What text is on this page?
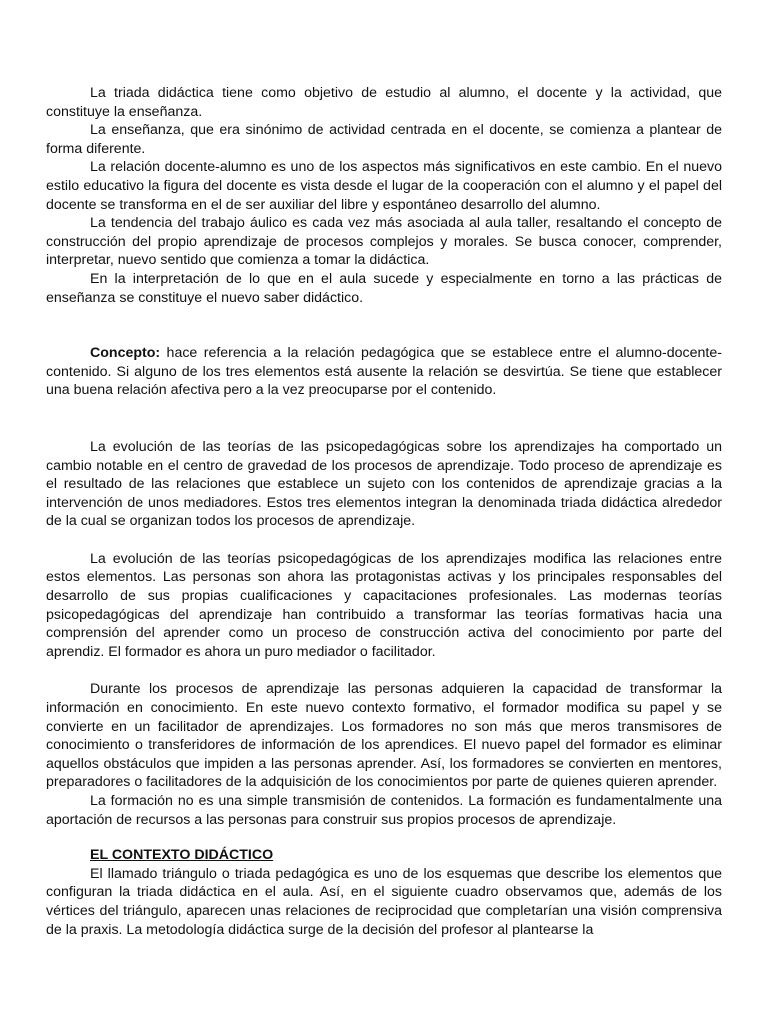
La triada didáctica tiene como objetivo de estudio al alumno, el docente y la actividad, que constituye la enseñanza.

La enseñanza, que era sinónimo de actividad centrada en el docente, se comienza a plantear de forma diferente.

La relación docente-alumno es uno de los aspectos más significativos en este cambio. En el nuevo estilo educativo la figura del docente es vista desde el lugar de la cooperación con el alumno y el papel del docente se transforma en el de ser auxiliar del libre y espontáneo desarrollo del alumno.

La tendencia del trabajo áulico es cada vez más asociada al aula taller, resaltando el concepto de construcción del propio aprendizaje de procesos complejos y morales. Se busca conocer, comprender, interpretar, nuevo sentido que comienza a tomar la didáctica.

En la interpretación de lo que en el aula sucede y especialmente en torno a las prácticas de enseñanza se constituye el nuevo saber didáctico.

Concepto: hace referencia a la relación pedagógica que se establece entre el alumno-docente-contenido. Si alguno de los tres elementos está ausente la relación se desvirtúa. Se tiene que establecer una buena relación afectiva pero a la vez preocuparse por el contenido.

La evolución de las teorías de las psicopedagógicas sobre los aprendizajes ha comportado un cambio notable en el centro de gravedad de los procesos de aprendizaje. Todo proceso de aprendizaje es el resultado de las relaciones que establece un sujeto con los contenidos de aprendizaje gracias a la intervención de unos mediadores. Estos tres elementos integran la denominada triada didáctica alrededor de la cual se organizan todos los procesos de aprendizaje.

La evolución de las teorías psicopedagógicas de los aprendizajes modifica las relaciones entre estos elementos. Las personas son ahora las protagonistas activas y los principales responsables del desarrollo de sus propias cualificaciones y capacitaciones profesionales. Las modernas teorías psicopedagógicas del aprendizaje han contribuido a transformar las teorías formativas hacia una comprensión del aprender como un proceso de construcción activa del conocimiento por parte del aprendiz. El formador es ahora un puro mediador o facilitador.

Durante los procesos de aprendizaje las personas adquieren la capacidad de transformar la información en conocimiento. En este nuevo contexto formativo, el formador modifica su papel y se convierte en un facilitador de aprendizajes. Los formadores no son más que meros transmisores de conocimiento o transferidores de información de los aprendices. El nuevo papel del formador es eliminar aquellos obstáculos que impiden a las personas aprender. Así, los formadores se convierten en mentores, preparadores o facilitadores de la adquisición de los conocimientos por parte de quienes quieren aprender.

La formación no es una simple transmisión de contenidos. La formación es fundamentalmente una aportación de recursos a las personas para construir sus propios procesos de aprendizaje.

EL CONTEXTO DIDÁCTICO

El llamado triángulo o triada pedagógica es uno de los esquemas que describe los elementos que configuran la triada didáctica en el aula. Así, en el siguiente cuadro observamos que, además de los vértices del triángulo, aparecen unas relaciones de reciprocidad que completarían una visión comprensiva de la praxis. La metodología didáctica surge de la decisión del profesor al plantearse la
